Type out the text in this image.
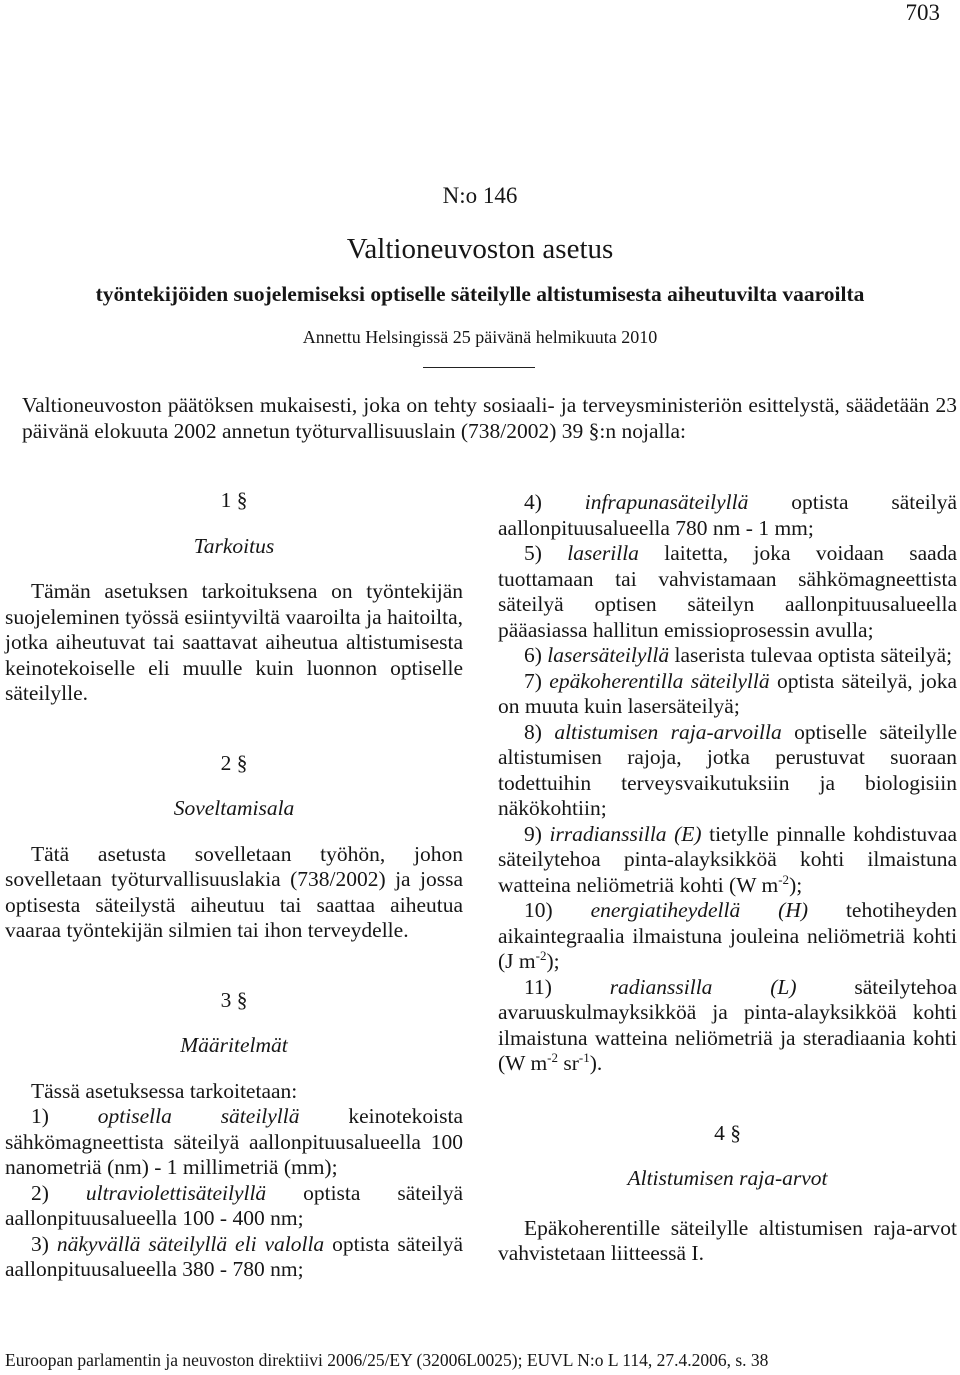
703
N:o 146
Valtioneuvoston asetus
työntekijöiden suojelemiseksi optiselle säteilylle altistumisesta aiheutuvilta vaaroilta
Annettu Helsingissä 25 päivänä helmikuuta 2010
Valtioneuvoston päätöksen mukaisesti, joka on tehty sosiaali- ja terveysministeriön esittelystä, säädetään 23 päivänä elokuuta 2002 annetun työturvallisuuslain (738/2002) 39 §:n nojalla:

1 §

Tarkoitus

Tämän asetuksen tarkoituksena on työntekijän suojeleminen työssä esiintyviltä vaaroilta ja haitoilta, jotka aiheutuvat tai saattavat aiheutua altistumisesta keinotekoiselle eli muulle kuin luonnon optiselle säteilylle.

2 §

Soveltamisala

Tätä asetusta sovelletaan työhön, johon sovelletaan työturvallisuuslakia (738/2002) ja jossa optisesta säteilystä aiheutuu tai saattaa aiheutua vaaraa työntekijän silmien tai ihon terveydelle.

3 §

Määritelmät

Tässä asetuksessa tarkoitetaan:

1) optisella säteilyllä keinotekoista sähkömagneettista säteilyä aallonpituusalueella 100 nanometriä (nm) - 1 millimetriä (mm);

2) ultraviolettisäteilyllä optista säteilyä aallonpituusalueella 100 - 400 nm;

3) näkyvällä säteilyllä eli valolla optista säteilyä aallonpituusalueella 380 - 780 nm;

4) infrapunasäteilyllä optista säteilyä aallonpituusalueella 780 nm - 1 mm;

5) laserilla laitetta, joka voidaan saada tuottamaan tai vahvistamaan sähkömagneettista säteilyä optisen säteilyn aallonpituusalueella pääasiassa hallitun emissioprosessin avulla;

6) lasersäteilyllä laserista tulevaa optista säteilyä;

7) epäkoherentilla säteilyllä optista säteilyä, joka on muuta kuin lasersäteilyä;

8) altistumisen raja-arvoilla optiselle säteilylle altistumisen rajoja, jotka perustuvat suoraan todettuihin terveysvaikutuksiin ja biologisiin näkökohtiin;

9) irradianssilla (E) tietylle pinnalle kohdistuvaa säteilytehoa pinta-alayksikköä kohti ilmaistuna watteina neliömetriä kohti (W $m^{-2}$);

10) energiatiheydellä (H) tehotiheyden aikaintegraalia ilmaistuna jouleina neliömetriä kohti (J $m^{-2}$);

11)	radianssilla (L)	säteilytehoa avaruuskulmayksikköä ja pinta-alayksikköä kohti ilmaistuna watteina neliömetriä ja steradiaania kohti (W $m^{-2}$ $sr^{-1}$).

4 §

Altistumisen raja-arvot

Epäkoherentille säteilylle altistumisen raja-arvot vahvistetaan liitteessä I.

Euroopan parlamentin ja neuvoston direktiivi 2006/25/EY (32006L0025); EUVL N:o L 114, 27.4.2006, s. 38
